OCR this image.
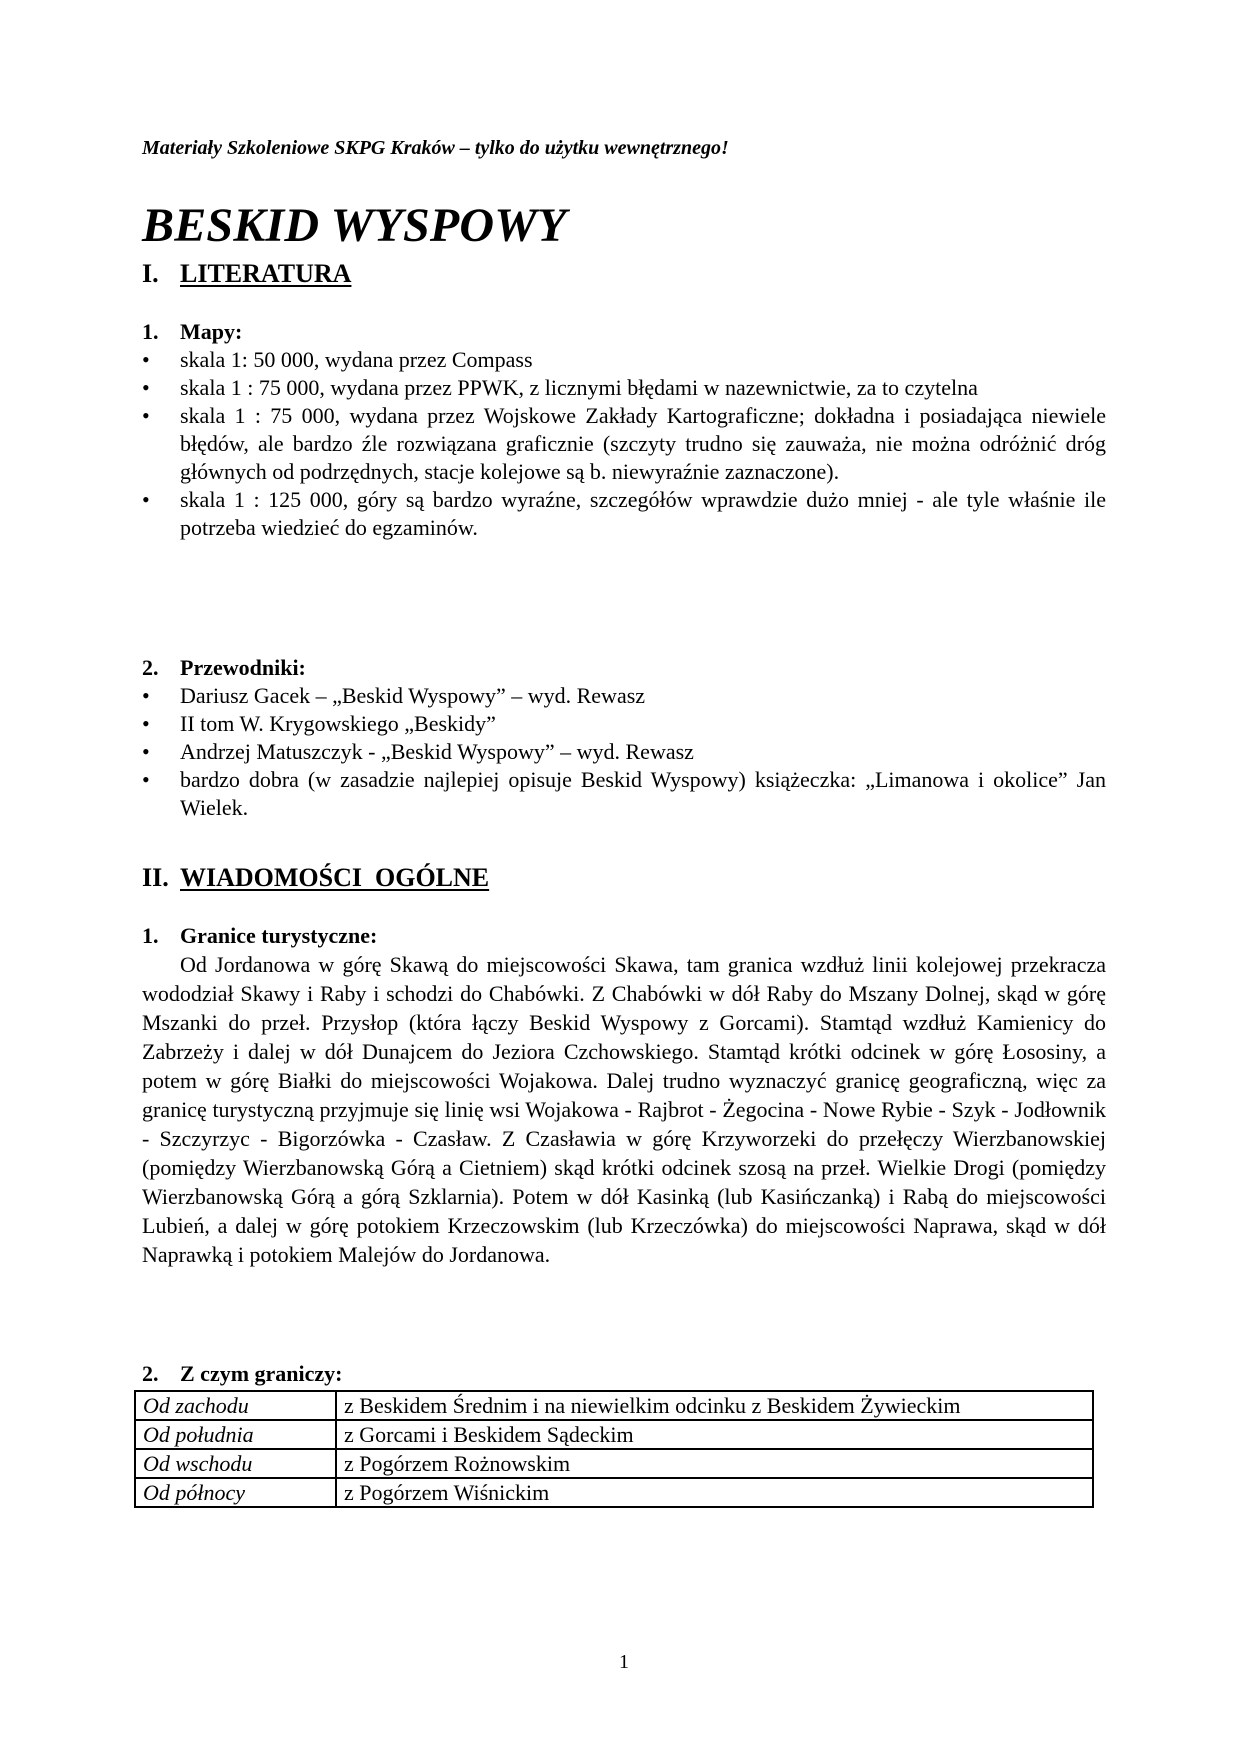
Materiały Szkoleniowe SKPG Kraków – tylko do użytku wewnętrznego!
BESKID WYSPOWY
I. LITERATURA
1. Mapy:
•	skala 1: 50 000, wydana przez Compass
•	skala 1 : 75 000, wydana przez PPWK, z licznymi błędami w nazewnictwie, za to czytelna
•	skala 1 : 75 000, wydana przez Wojskowe Zakłady Kartograficzne; dokładna i posiadająca niewiele błędów, ale bardzo źle rozwiązana graficznie (szczyty trudno się zauważa, nie można odróżnić dróg głównych od podrzędnych, stacje kolejowe są b. niewyraźnie zaznaczone).
•	skala 1 : 125 000, góry są bardzo wyraźne, szczegółów wprawdzie dużo mniej - ale tyle właśnie ile potrzeba wiedzieć do egzaminów.
2. Przewodniki:
•	Dariusz Gacek – „Beskid Wyspowy” – wyd. Rewasz
•	II tom W. Krygowskiego „Beskidy”
•	Andrzej Matuszczyk - „Beskid Wyspowy” – wyd. Rewasz
•	bardzo dobra (w zasadzie najlepiej opisuje Beskid Wyspowy) książeczka: „Limanowa i okolice” Jan Wielek.
II. WIADOMOŚCI  OGÓLNE
1. Granice turystyczne:

Od Jordanowa w górę Skawą do miejscowości Skawa, tam granica wzdłuż linii kolejowej przekracza wododział Skawy i Raby i schodzi do Chabówki. Z Chabówki w dół Raby do Mszany Dolnej, skąd w górę Mszanki do przeł. Przysłop (która łączy Beskid Wyspowy z Gorcami). Stamtąd wzdłuż Kamienicy do Zabrzeży i dalej w dół Dunajcem do Jeziora Czchowskiego. Stamtąd krótki odcinek w górę Łososiny, a potem w górę Białki do miejscowości Wojakowa. Dalej trudno wyznaczyć granicę geograficzną, więc za granicę turystyczną przyjmuje się linię wsi Wojakowa - Rajbrot - Żegocina - Nowe Rybie - Szyk - Jodłownik - Szczyrzyc - Bigorzówka - Czasław. Z Czasławia w górę Krzyworzeki do przełęczy Wierzbanowskiej (pomiędzy Wierzbanowską Górą a Cietniem) skąd krótki odcinek szosą na przeł. Wielkie Drogi (pomiędzy Wierzbanowską Górą a górą Szklarnia). Potem w dół Kasinką (lub Kasińczanką) i Rabą do miejscowości Lubień, a dalej w górę potokiem Krzeczowskim (lub Krzeczówka) do miejscowości Naprawa, skąd w dół Naprawką i potokiem Malejów do Jordanowa.

2. Z czym graniczy:
Od zachodu	z Beskidem Średnim i na niewielkim odcinku z Beskidem Żywieckim
Od południa	z Gorcami i Beskidem Sądeckim
Od wschodu	z Pogórzem Rożnowskim
Od północy	z Pogórzem Wiśnickim
1
